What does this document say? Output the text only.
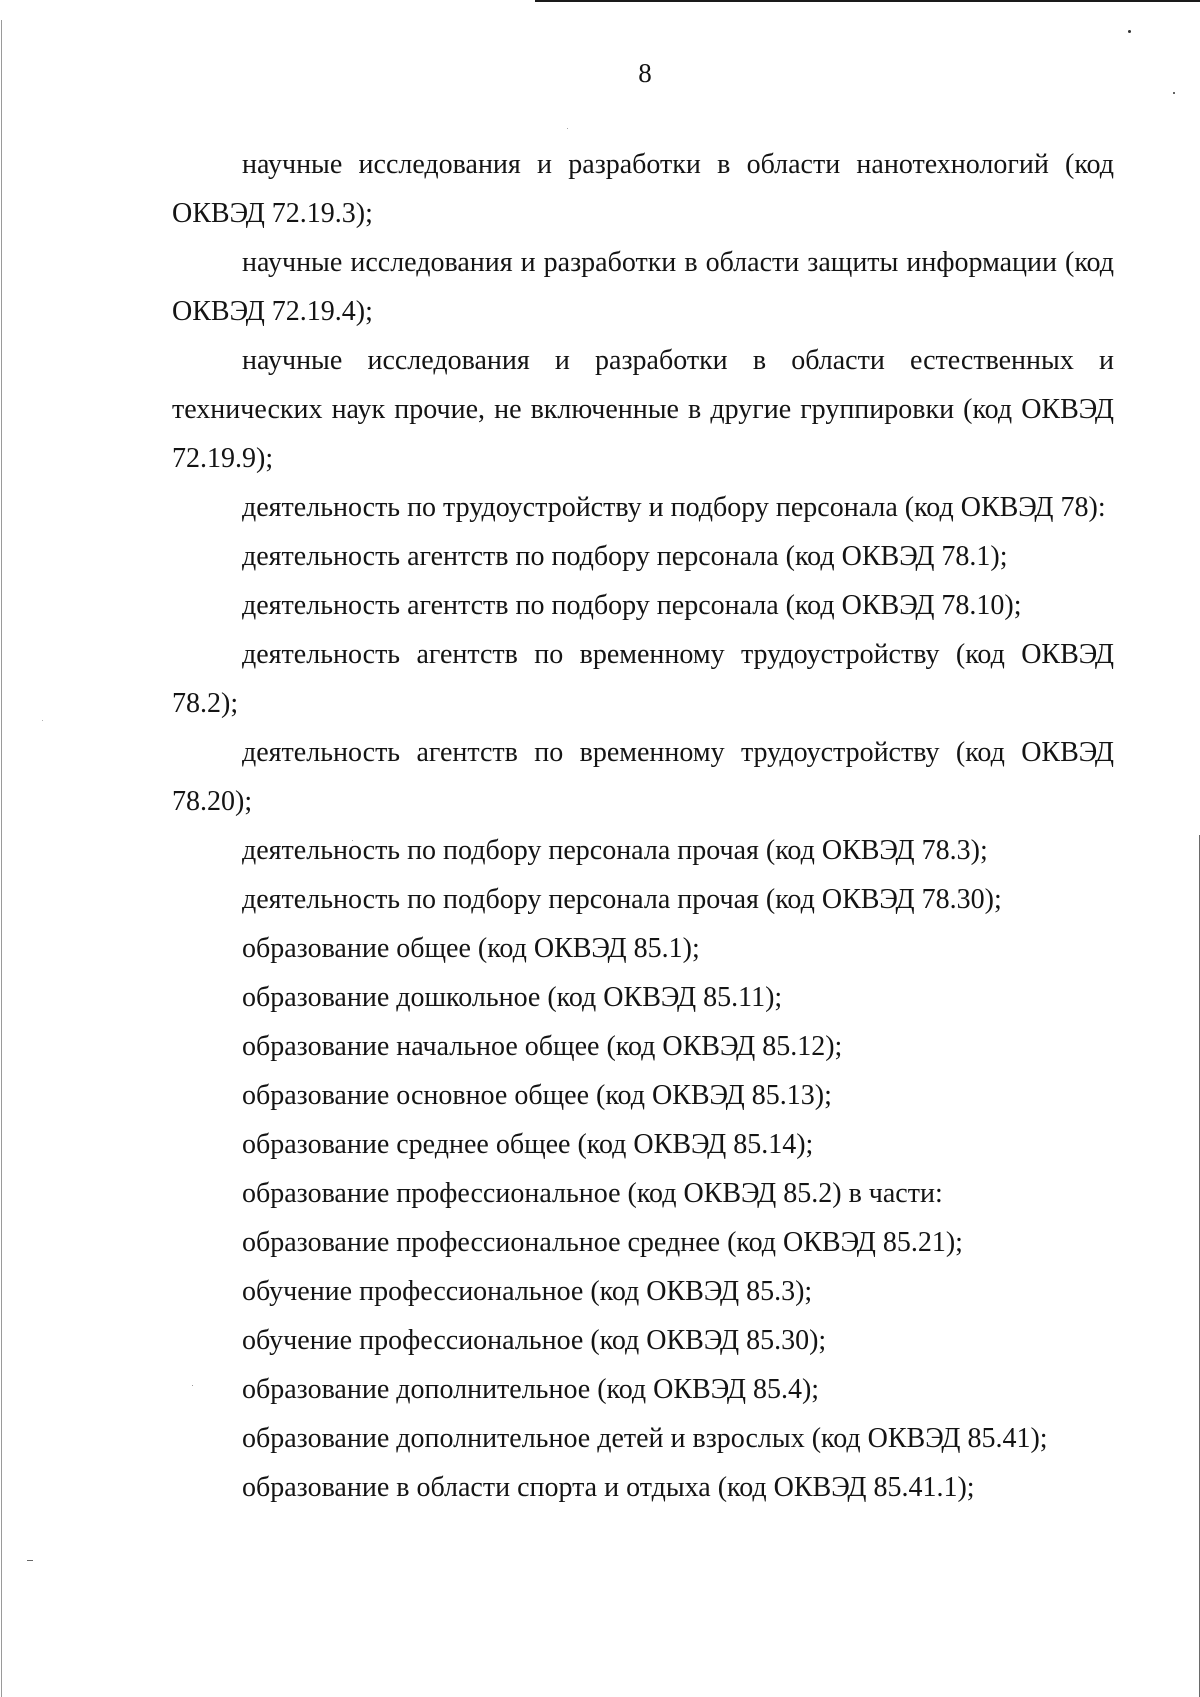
8

научные исследования и разработки в области нанотехнологий (код ОКВЭД 72.19.3);

научные исследования и разработки в области защиты информации (код ОКВЭД 72.19.4);

научные исследования и разработки в области естественных и технических наук прочие, не включенные в другие группировки (код ОКВЭД 72.19.9);

деятельность по трудоустройству и подбору персонала (код ОКВЭД 78):

деятельность агентств по подбору персонала (код ОКВЭД 78.1);

деятельность агентств по подбору персонала (код ОКВЭД 78.10);

деятельность агентств по временному трудоустройству (код ОКВЭД 78.2);

деятельность агентств по временному трудоустройству (код ОКВЭД 78.20);

деятельность по подбору персонала прочая (код ОКВЭД 78.3);

деятельность по подбору персонала прочая (код ОКВЭД 78.30);

образование общее (код ОКВЭД 85.1);

образование дошкольное (код ОКВЭД 85.11);

образование начальное общее (код ОКВЭД 85.12);

образование основное общее (код ОКВЭД 85.13);

образование среднее общее (код ОКВЭД 85.14);

образование профессиональное (код ОКВЭД 85.2) в части:

образование профессиональное среднее (код ОКВЭД 85.21);

обучение профессиональное (код ОКВЭД 85.3);

обучение профессиональное (код ОКВЭД 85.30);

образование дополнительное (код ОКВЭД 85.4);

образование дополнительное детей и взрослых (код ОКВЭД 85.41);

образование в области спорта и отдыха (код ОКВЭД 85.41.1);
